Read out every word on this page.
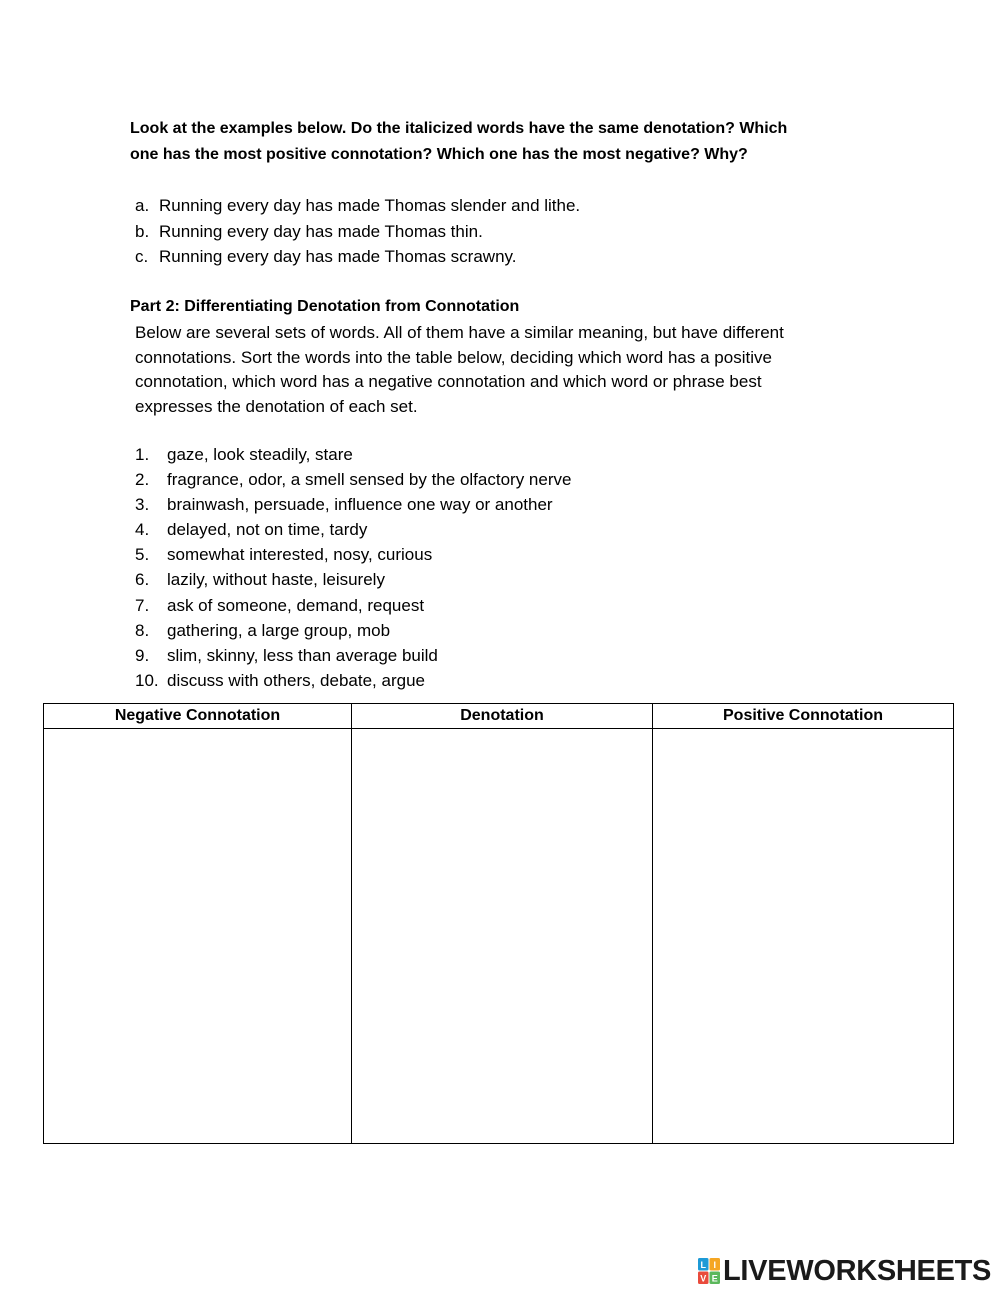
Look at the examples below. Do the italicized words have the same denotation? Which
one has the most positive connotation? Which one has the most negative? Why?
a. Running every day has made Thomas slender and lithe.
b. Running every day has made Thomas thin.
c. Running every day has made Thomas scrawny.
Part 2: Differentiating Denotation from Connotation
Below are several sets of words. All of them have a similar meaning, but have different
connotations. Sort the words into the table below, deciding which word has a positive
connotation, which word has a negative connotation and which word or phrase best
expresses the denotation of each set.
1.	gaze, look steadily, stare
2.	fragrance, odor, a smell sensed by the olfactory nerve
3.	brainwash, persuade, influence one way or another
4.	delayed, not on time, tardy
5.	somewhat interested, nosy, curious
6.	lazily, without haste, leisurely
7.	ask of someone, demand, request
8.	gathering, a large group, mob
9.	slim, skinny, less than average build
10. discuss with others, debate, argue
Negative Connotation	Denotation	Positive Connotation

L I
V E LIVEWORKSHEETS
